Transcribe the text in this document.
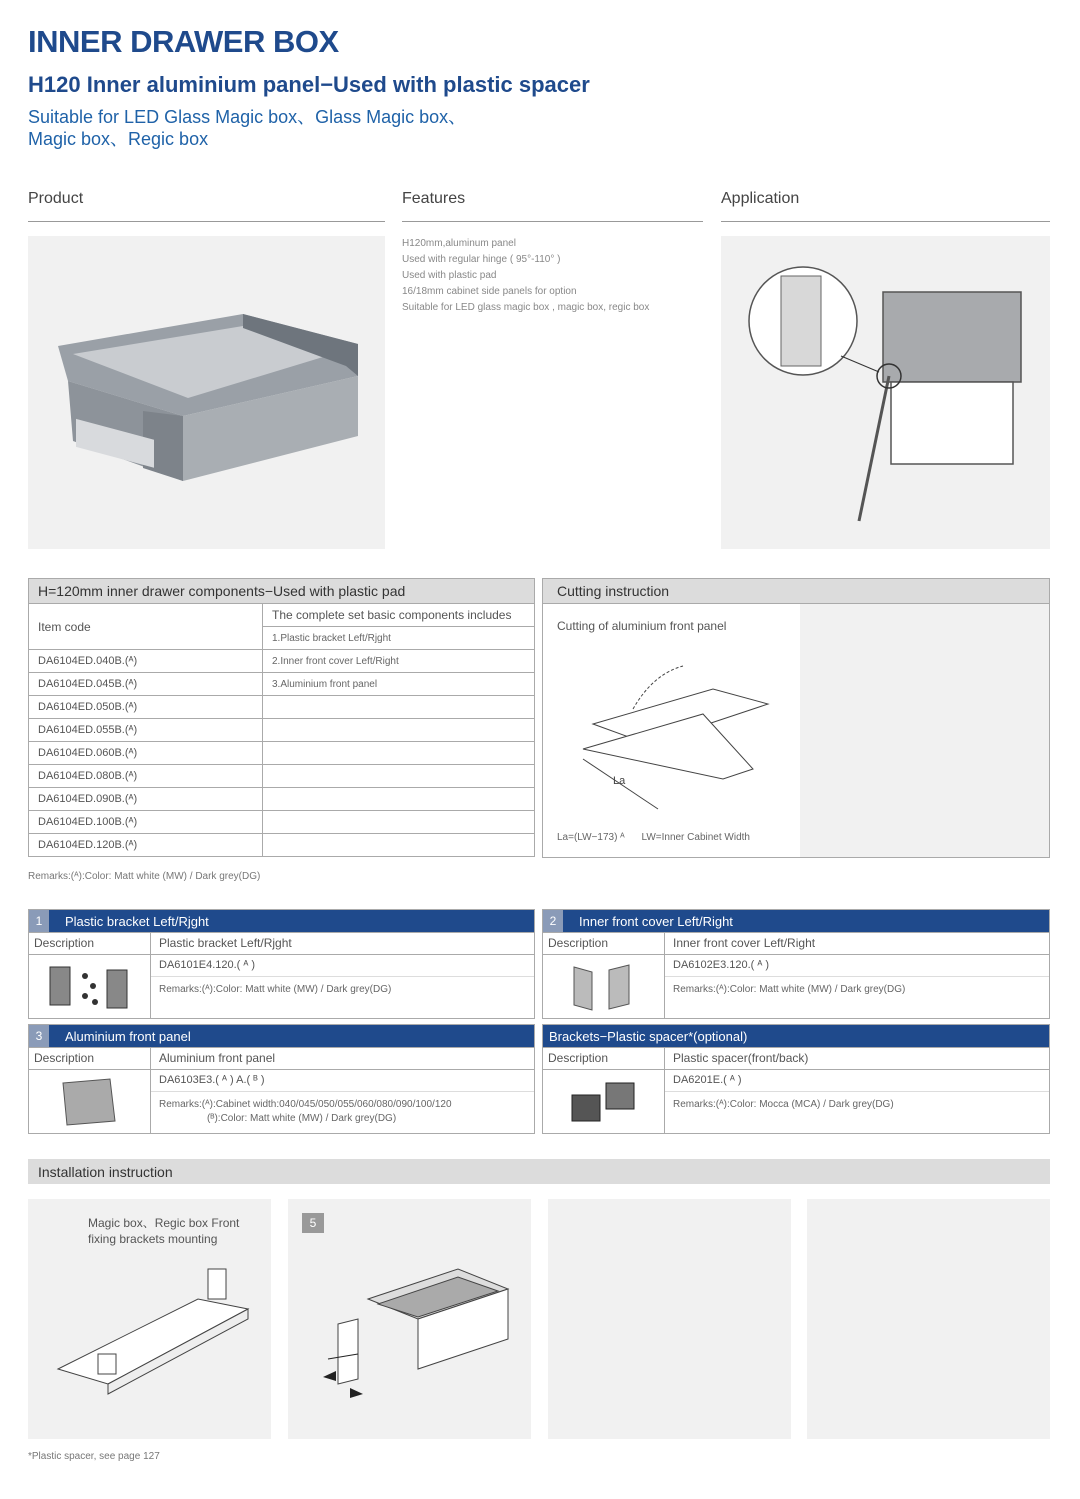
INNER DRAWER BOX
H120 Inner aluminium panel−Used with plastic spacer
Suitable for LED Glass Magic box、Glass Magic box、
Magic box、Regic box
Product	Features	Application
H120mm,aluminum panel
Used with regular hinge ( 95°-110° )
Used with plastic pad
16/18mm cabinet side panels for option
Suitable for LED glass magic box , magic box, regic box
H=120mm inner drawer components−Used with plastic pad	
Item code	The complete set basic components includes
	1.Plastic bracket Left/Rjght
DA6104ED.040B.(ᴬ)	2.Inner front cover Left/Right
DA6104ED.045B.(ᴬ)	3.Aluminium front panel
DA6104ED.050B.(ᴬ)	
DA6104ED.055B.(ᴬ)	
DA6104ED.060B.(ᴬ)	
DA6104ED.080B.(ᴬ)	
DA6104ED.090B.(ᴬ)	
DA6104ED.100B.(ᴬ)	
DA6104ED.120B.(ᴬ)	
Cutting instruction
Cutting of aluminium front panel
La
La=(LW−173) ᴬ LW=Inner Cabinet Width
Remarks:(ᴬ):Color: Matt white (MW) / Dark grey(DG)
1	Plastic bracket Left/Rjght
Description	Plastic bracket Left/Rjght
DA6101E4.120.( ᴬ )
Remarks:(ᴬ):Color: Matt white (MW) / Dark grey(DG)
2	Inner front cover Left/Right
Description	Inner front cover Left/Right
DA6102E3.120.( ᴬ )
Remarks:(ᴬ):Color: Matt white (MW) / Dark grey(DG)
3	Aluminium front panel
Description	Aluminium front panel
DA6103E3.( ᴬ ) A.( ᴮ )
Remarks:(ᴬ):Cabinet width:040/045/050/055/060/080/090/100/120
(ᴮ):Color: Matt white (MW) / Dark grey(DG)
Brackets−Plastic spacer*(optional)
Description	Plastic spacer(front/back)
DA6201E.( ᴬ )
Remarks:(ᴬ):Color: Mocca (MCA) / Dark grey(DG)
Installation instruction
Magic box、Regic box Front
fixing brackets mounting
5
*Plastic spacer, see page 127
